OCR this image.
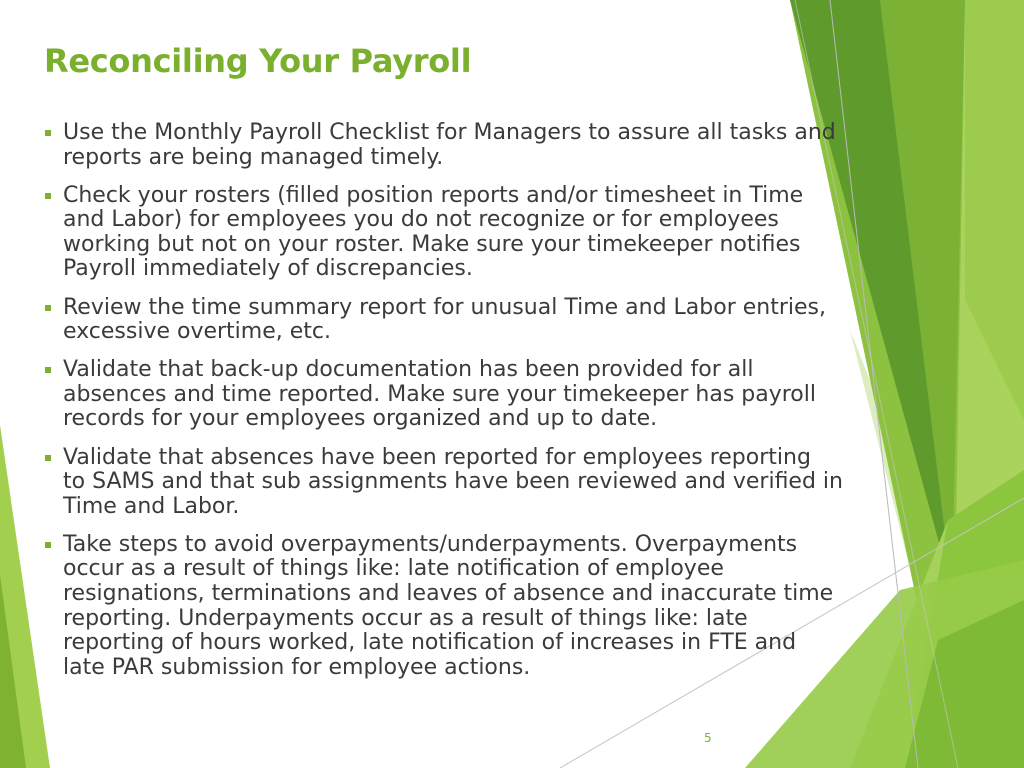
Reconciling Your Payroll
Use the Monthly Payroll Checklist for Managers to assure all tasks and
reports are being managed timely.
Check your rosters (filled position reports and/or timesheet in Time
and Labor) for employees you do not recognize or for employees
working but not on your roster. Make sure your timekeeper notifies
Payroll immediately of discrepancies.
Review the time summary report for unusual Time and Labor entries,
excessive overtime, etc.
Validate that back-up documentation has been provided for all
absences and time reported. Make sure your timekeeper has payroll
records for your employees organized and up to date.
Validate that absences have been reported for employees reporting
to SAMS and that sub assignments have been reviewed and verified in
Time and Labor.
Take steps to avoid overpayments/underpayments. Overpayments
occur as a result of things like: late notification of employee
resignations, terminations and leaves of absence and inaccurate time
reporting. Underpayments occur as a result of things like: late
reporting of hours worked, late notification of increases in FTE and
late PAR submission for employee actions.
5
